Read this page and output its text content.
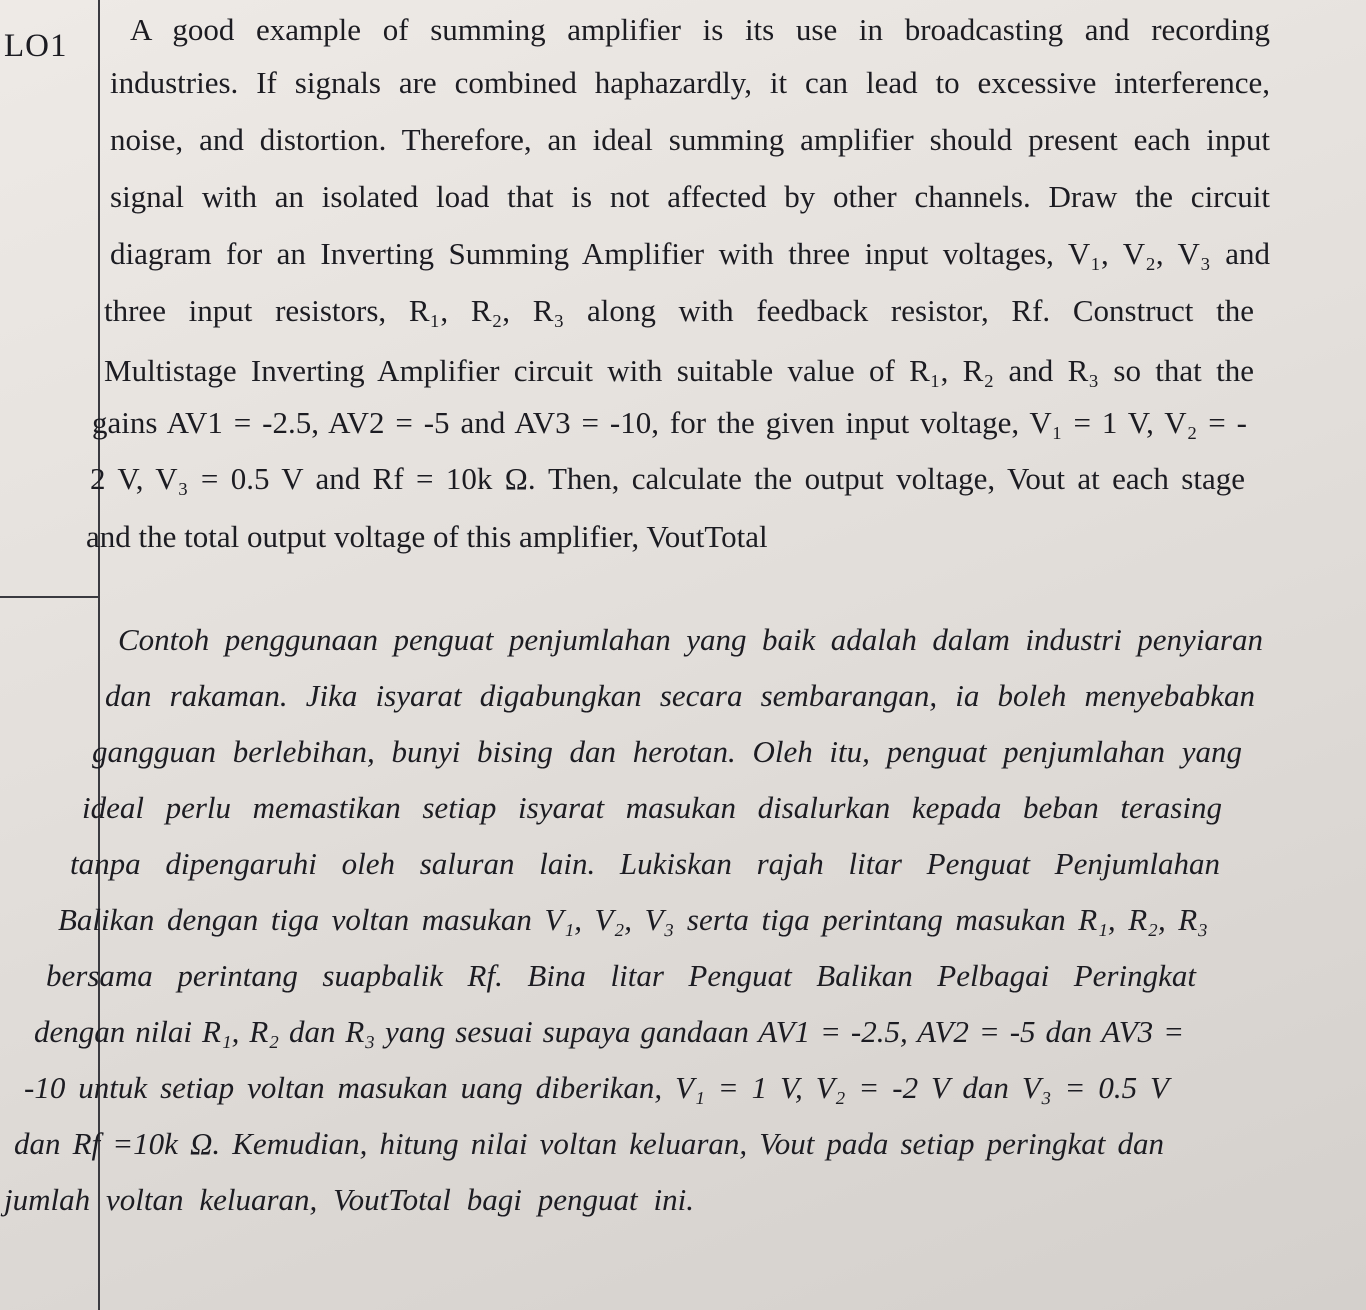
LO1 A good example of summing amplifier is its use in broadcasting and recording
industries. If signals are combined haphazardly, it can lead to excessive interference,
noise, and distortion. Therefore, an ideal summing amplifier should present each input
signal with an isolated load that is not affected by other channels. Draw the circuit
diagram for an Inverting Summing Amplifier with three input voltages, V₁, V₂, V₃ and
three input resistors, R₁, R₂, R₃ along with feedback resistor, Rf. Construct the
Multistage Inverting Amplifier circuit with suitable value of R₁, R₂ and R₃ so that the
gains AV1 = -2.5, AV2 = -5 and AV3 = -10, for the given input voltage, V₁ = 1 V, V₂ = -
2 V, V₃ = 0.5 V and Rf = 10k Ω. Then, calculate the output voltage, Vout at each stage
and the total output voltage of this amplifier, VoutTotal
Contoh penggunaan penguat penjumlahan yang baik adalah dalam industri penyiaran
dan rakaman. Jika isyarat digabungkan secara sembarangan, ia boleh menyebabkan
gangguan berlebihan, bunyi bising dan herotan. Oleh itu, penguat penjumlahan yang
ideal perlu memastikan setiap isyarat masukan disalurkan kepada beban terasing
tanpa dipengaruhi oleh saluran lain. Lukiskan rajah litar Penguat Penjumlahan
Balikan dengan tiga voltan masukan V₁, V₂, V₃ serta tiga perintang masukan R₁, R₂, R₃
bersama perintang suapbalik Rf. Bina litar Penguat Balikan Pelbagai Peringkat
dengan nilai R₁, R₂ dan R₃ yang sesuai supaya gandaan AV1 = -2.5, AV2 = -5 dan AV3 =
-10 untuk setiap voltan masukan uang diberikan, V₁ = 1 V, V₂ = -2 V dan V₃ = 0.5 V
dan Rf =10k Ω. Kemudian, hitung nilai voltan keluaran, Vout pada setiap peringkat dan
jumlah voltan keluaran, VoutTotal bagi penguat ini.
